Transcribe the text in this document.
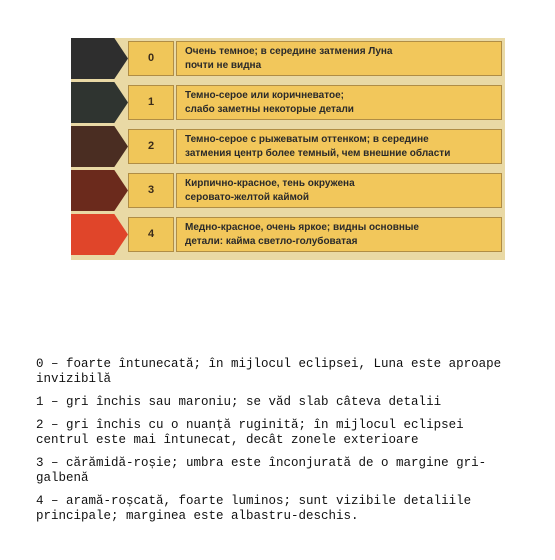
0
Очень темное; в середине затмения Луна
почти не видна
1
Темно-серое или коричневатое;
слабо заметны некоторые детали
2
Темно-серое с рыжеватым оттенком; в середине
затмения центр более темный, чем внешние области
3
Кирпично-красное, тень окружена
серовато-желтой каймой
4
Медно-красное, очень яркое; видны основные
детали: кайма светло-голубоватая

0 – foarte întunecată; în mijlocul eclipsei, Luna este aproape
invizibilă

1 – gri închis sau maroniu; se văd slab câteva detalii

2 – gri închis cu o nuanță ruginită; în mijlocul eclipsei
centrul este mai întunecat, decât zonele exterioare

3 – cărămidă-roșie; umbra este înconjurată de o margine gri-
galbenă

4 – aramă-roșcată, foarte luminos; sunt vizibile detaliile
principale; marginea este albastru-deschis.
